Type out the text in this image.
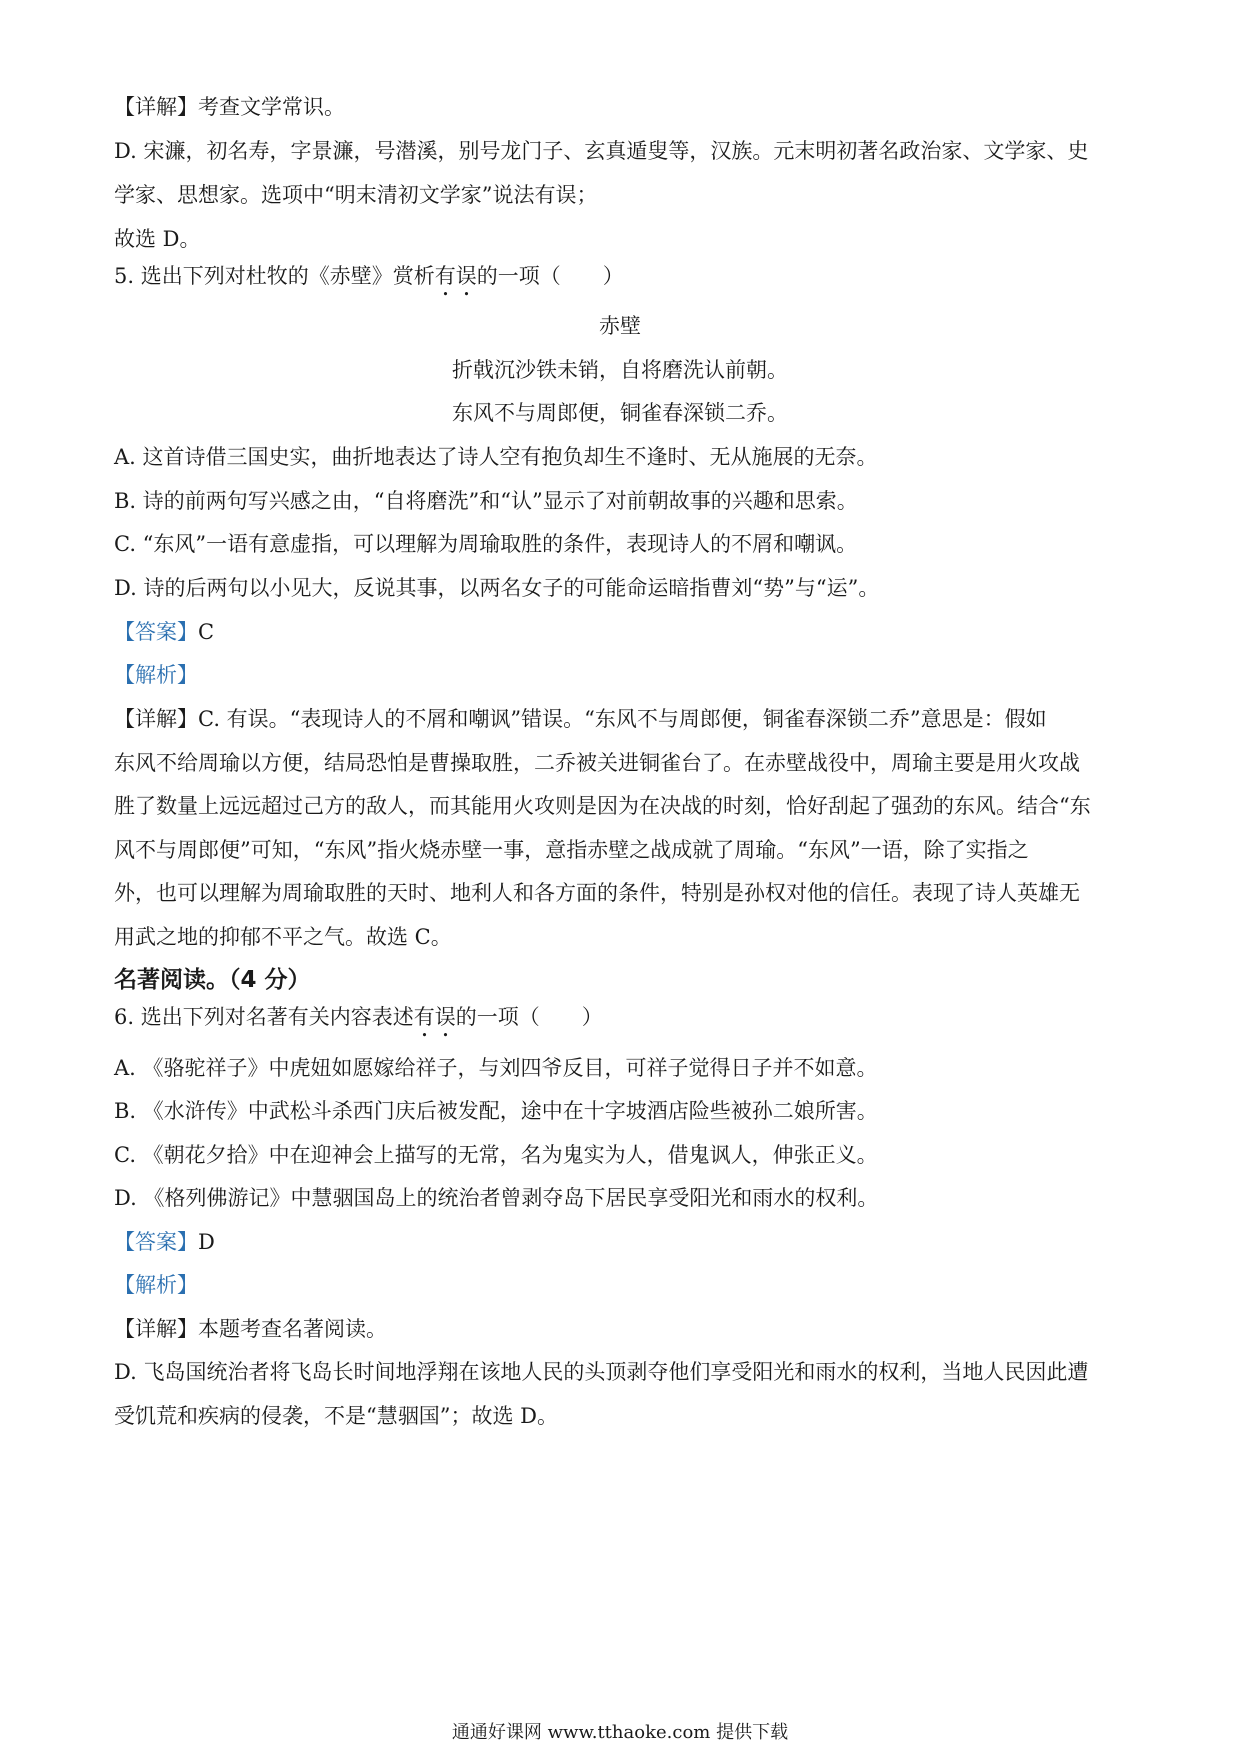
【详解】考查文学常识。
D. 宋濂，初名寿，字景濂，号潜溪，别号龙门子、玄真遁叟等，汉族。元末明初著名政治家、文学家、史
学家、思想家。选项中“明末清初文学家”说法有误；
故选 D。
5. 选出下列对杜牧的《赤壁》赏析有误的一项（　　）
赤壁
折戟沉沙铁未销，自将磨洗认前朝。
东风不与周郎便，铜雀春深锁二乔。
A. 这首诗借三国史实，曲折地表达了诗人空有抱负却生不逢时、无从施展的无奈。
B. 诗的前两句写兴感之由，“自将磨洗”和“认”显示了对前朝故事的兴趣和思索。
C. “东风”一语有意虚指，可以理解为周瑜取胜的条件，表现诗人的不屑和嘲讽。
D. 诗的后两句以小见大，反说其事，以两名女子的可能命运暗指曹刘“势”与“运”。
【答案】C
【解析】
【详解】C. 有误。“表现诗人的不屑和嘲讽”错误。“东风不与周郎便，铜雀春深锁二乔”意思是：假如
东风不给周瑜以方便，结局恐怕是曹操取胜，二乔被关进铜雀台了。在赤壁战役中，周瑜主要是用火攻战
胜了数量上远远超过己方的敌人，而其能用火攻则是因为在决战的时刻，恰好刮起了强劲的东风。结合“东
风不与周郎便”可知，“东风”指火烧赤壁一事，意指赤壁之战成就了周瑜。“东风”一语，除了实指之
外，也可以理解为周瑜取胜的天时、地利人和各方面的条件，特别是孙权对他的信任。表现了诗人英雄无
用武之地的抑郁不平之气。故选 C。
名著阅读。（4 分）
6. 选出下列对名著有关内容表述有误的一项（　　）
A. 《骆驼祥子》中虎妞如愿嫁给祥子，与刘四爷反目，可祥子觉得日子并不如意。
B. 《水浒传》中武松斗杀西门庆后被发配，途中在十字坡酒店险些被孙二娘所害。
C. 《朝花夕拾》中在迎神会上描写的无常，名为鬼实为人，借鬼讽人，伸张正义。
D. 《格列佛游记》中慧骃国岛上的统治者曾剥夺岛下居民享受阳光和雨水的权利。
【答案】D
【解析】
【详解】本题考查名著阅读。
D. 飞岛国统治者将飞岛长时间地浮翔在该地人民的头顶剥夺他们享受阳光和雨水的权利，当地人民因此遭
受饥荒和疾病的侵袭，不是“慧骃国”；故选 D。
通通好课网 www.tthaoke.com 提供下载
